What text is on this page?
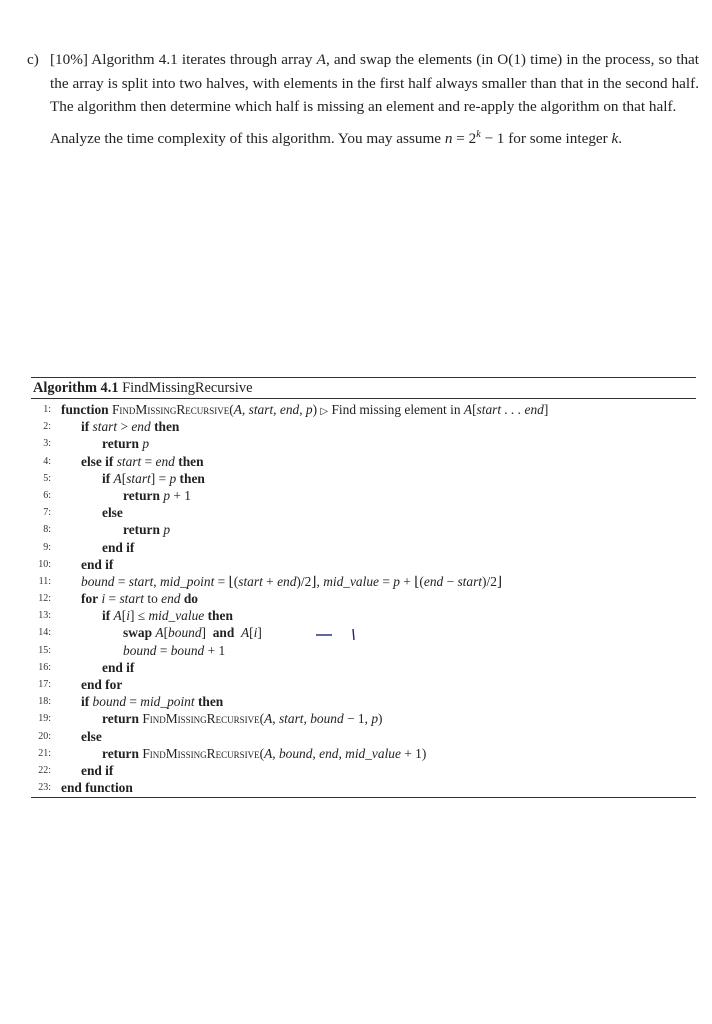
c) [10%] Algorithm 4.1 iterates through array A, and swap the elements (in O(1) time) in the process, so that the array is split into two halves, with elements in the first half always smaller than that in the second half. The algorithm then determine which half is missing an element and re-apply the algorithm on that half.

Analyze the time complexity of this algorithm. You may assume $n = 2^k - 1$ for some integer k.

Algorithm 4.1 FindMissingRecursive
1: function FindMissingRecursive(A, start, end, p) ▷ Find missing element in A[start . . . end]
2: if start > end then
3:	return p
4: else if start = end then
5:	if A[start] = p then
6:	return p + 1
7:	else
8:	return p
9:	end if
10: end if
11: bound = start, mid_point = ⌊(start + end)/2⌋, mid_value = p + ⌊(end − start)/2⌋
12: for i = start to end do
13:	if A[i] ≤ mid_value then
14:	swap A[bound]  and A[i]
15:	bound = bound + 1
16:	end if
17: end for
18: if bound = mid_point then
19:	return FindMissingRecursive(A, start, bound − 1, p)
20: else
21:	return FindMissingRecursive(A, bound, end, mid_value + 1)
22: end if
23: end function
